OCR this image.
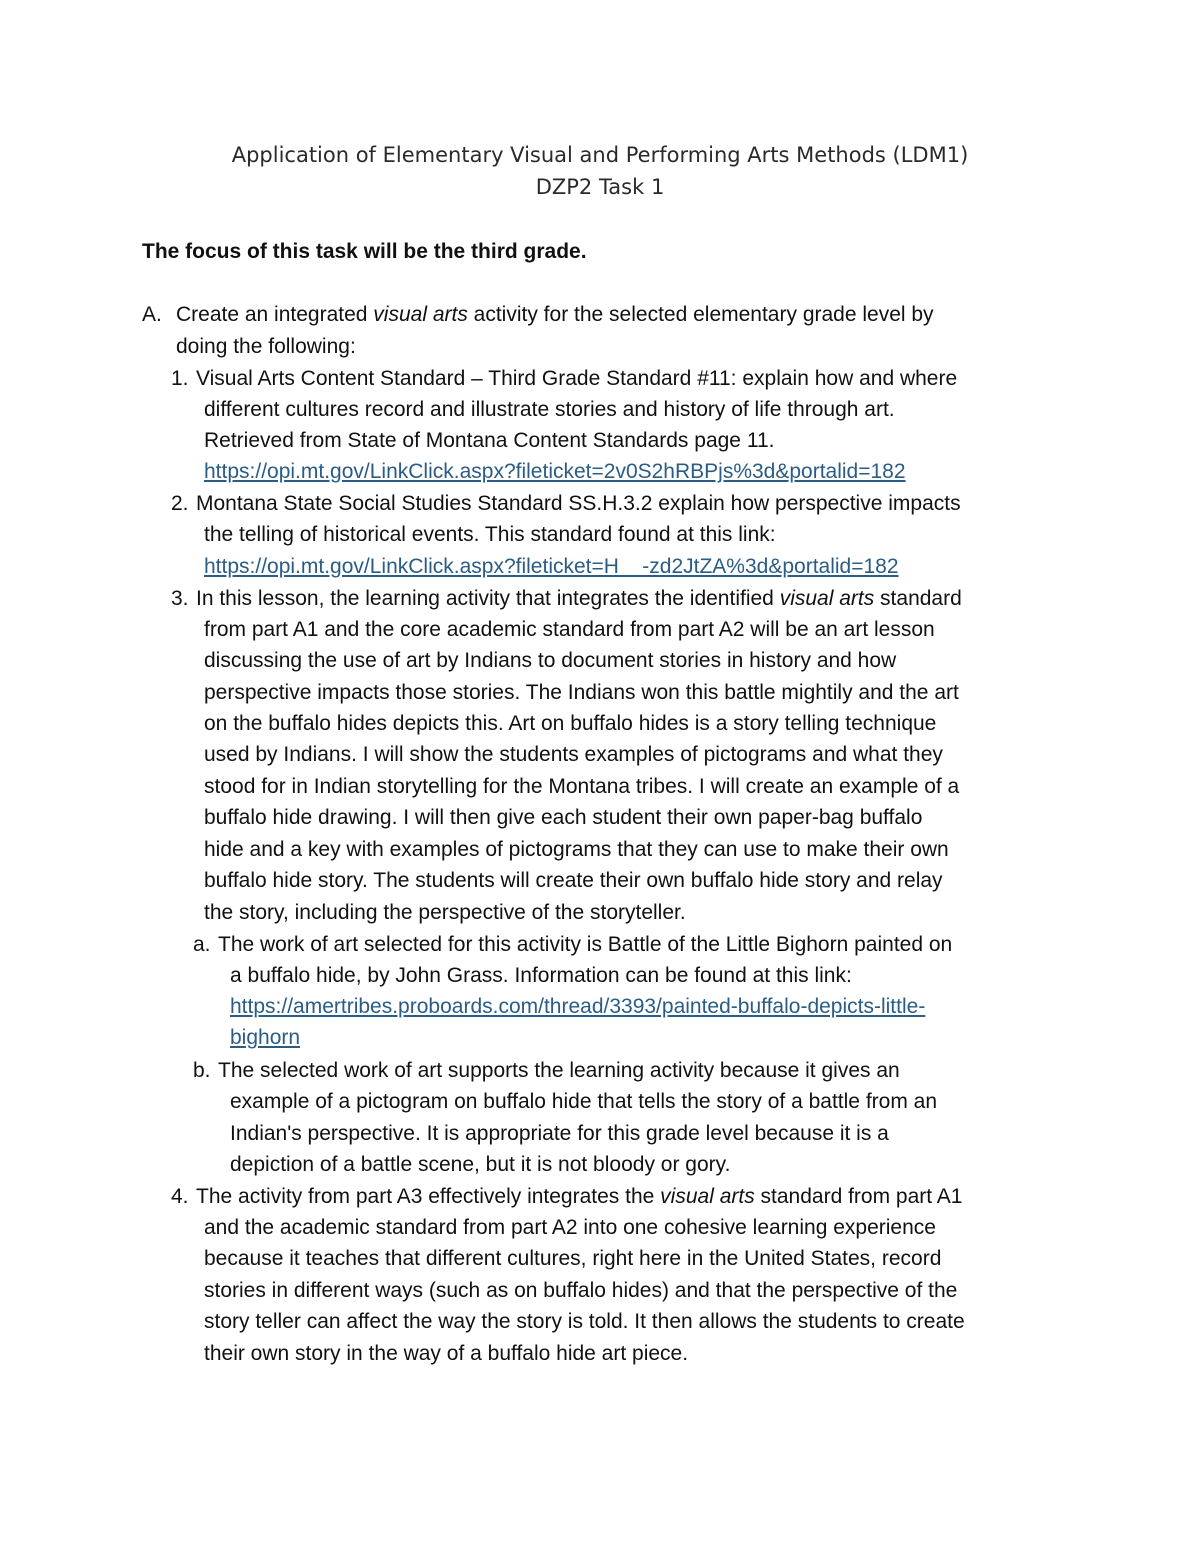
Application of Elementary Visual and Performing Arts Methods (LDM1)
DZP2 Task 1
The focus of this task will be the third grade.
A. Create an integrated visual arts activity for the selected elementary grade level by
doing the following:
1. Visual Arts Content Standard – Third Grade Standard #11: explain how and where
different cultures record and illustrate stories and history of life through art.
Retrieved from State of Montana Content Standards page 11.
https://opi.mt.gov/LinkClick.aspx?fileticket=2v0S2hRBPjs%3d&portalid=182
2. Montana State Social Studies Standard SS.H.3.2 explain how perspective impacts
the telling of historical events. This standard found at this link:
https://opi.mt.gov/LinkClick.aspx?fileticket=H__-zd2JtZA%3d&portalid=182
3. In this lesson, the learning activity that integrates the identified visual arts standard
from part A1 and the core academic standard from part A2 will be an art lesson
discussing the use of art by Indians to document stories in history and how
perspective impacts those stories. The Indians won this battle mightily and the art
on the buffalo hides depicts this. Art on buffalo hides is a story telling technique
used by Indians. I will show the students examples of pictograms and what they
stood for in Indian storytelling for the Montana tribes. I will create an example of a
buffalo hide drawing. I will then give each student their own paper-bag buffalo
hide and a key with examples of pictograms that they can use to make their own
buffalo hide story. The students will create their own buffalo hide story and relay
the story, including the perspective of the storyteller.
a. The work of art selected for this activity is Battle of the Little Bighorn painted on
a buffalo hide, by John Grass. Information can be found at this link:
https://amertribes.proboards.com/thread/3393/painted-buffalo-depicts-little-
bighorn
b. The selected work of art supports the learning activity because it gives an
example of a pictogram on buffalo hide that tells the story of a battle from an
Indian's perspective. It is appropriate for this grade level because it is a
depiction of a battle scene, but it is not bloody or gory.
4. The activity from part A3 effectively integrates the visual arts standard from part A1
and the academic standard from part A2 into one cohesive learning experience
because it teaches that different cultures, right here in the United States, record
stories in different ways (such as on buffalo hides) and that the perspective of the
story teller can affect the way the story is told. It then allows the students to create
their own story in the way of a buffalo hide art piece.
